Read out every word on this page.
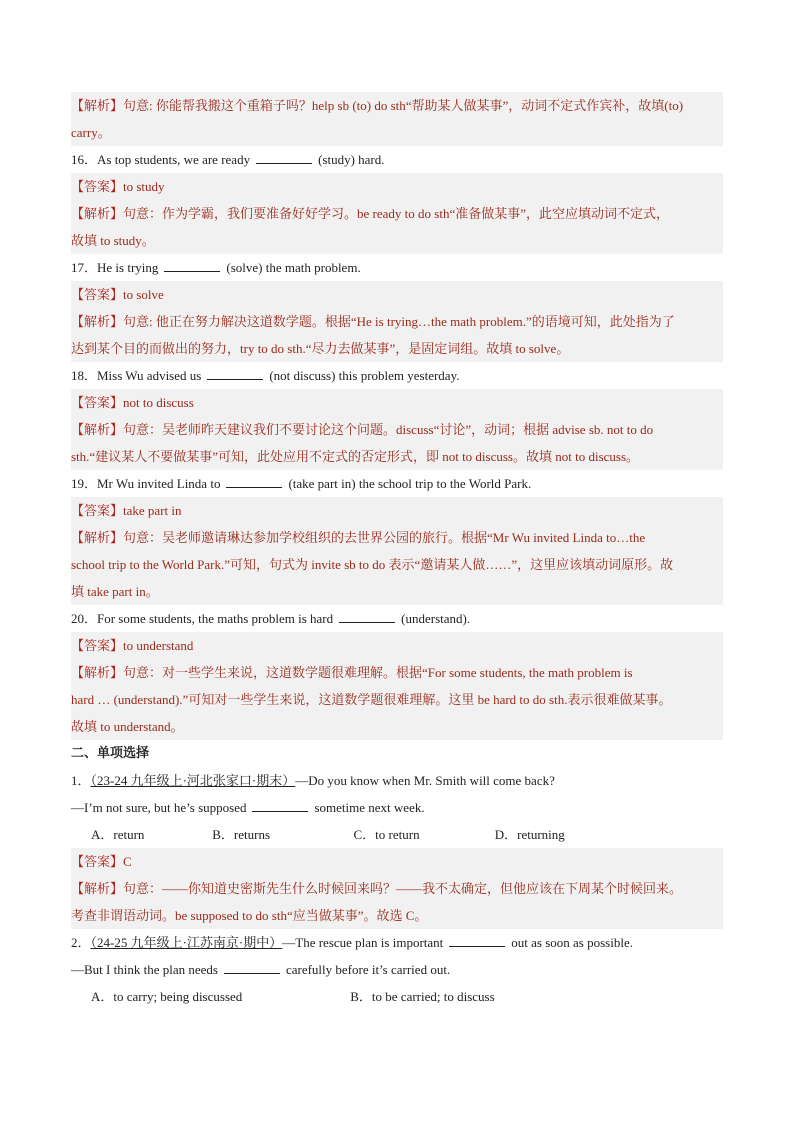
【解析】句意: 你能帮我搬这个重箱子吗？help sb (to) do sth“帮助某人做某事”，动词不定式作宾补，故填(to)
carry。
16．As top students, we are ready	(study) hard.
【答案】to study
【解析】句意：作为学霸，我们要准备好好学习。be ready to do sth“准备做某事”，此空应填动词不定式，
故填 to study。
17．He is trying	(solve) the math problem.
【答案】to solve
【解析】句意: 他正在努力解决这道数学题。根据“He is trying…the math problem.”的语境可知，此处指为了
达到某个目的而做出的努力，try to do sth.“尽力去做某事”，是固定词组。故填 to solve。
18．Miss Wu advised us	(not discuss) this problem yesterday.
【答案】not to discuss
【解析】句意：吴老师昨天建议我们不要讨论这个问题。discuss“讨论”，动词；根据 advise sb. not to do
sth.“建议某人不要做某事”可知，此处应用不定式的否定形式，即 not to discuss。故填 not to discuss。
19．Mr Wu invited Linda to	(take part in) the school trip to the World Park.
【答案】take part in
【解析】句意：吴老师邀请琳达参加学校组织的去世界公园的旅行。根据“Mr Wu invited Linda to…the
school trip to the World Park.”可知，句式为 invite sb to do 表示“邀请某人做……”，这里应该填动词原形。故
填 take part in。
20．For some students, the maths problem is hard	(understand).
【答案】to understand
【解析】句意：对一些学生来说，这道数学题很难理解。根据“For some students, the math problem is
hard … (understand).”可知对一些学生来说，这道数学题很难理解。这里 be hard to do sth.表示很难做某事。
故填 to understand。
二、单项选择
1．（23-24 九年级上·河北张家口·期末）—Do you know when Mr. Smith will come back?
—I’m not sure, but he’s supposed	sometime next week.
A．return	B．returns	C．to return	D．returning
【答案】C
【解析】句意：——你知道史密斯先生什么时候回来吗？——我不太确定，但他应该在下周某个时候回来。
考查非谓语动词。be supposed to do sth“应当做某事”。故选 C。
2．（24-25 九年级上·江苏南京·期中）—The rescue plan is important	out as soon as possible.
—But I think the plan needs	carefully before it’s carried out.
A．to carry; being discussed	B．to be carried; to discuss
